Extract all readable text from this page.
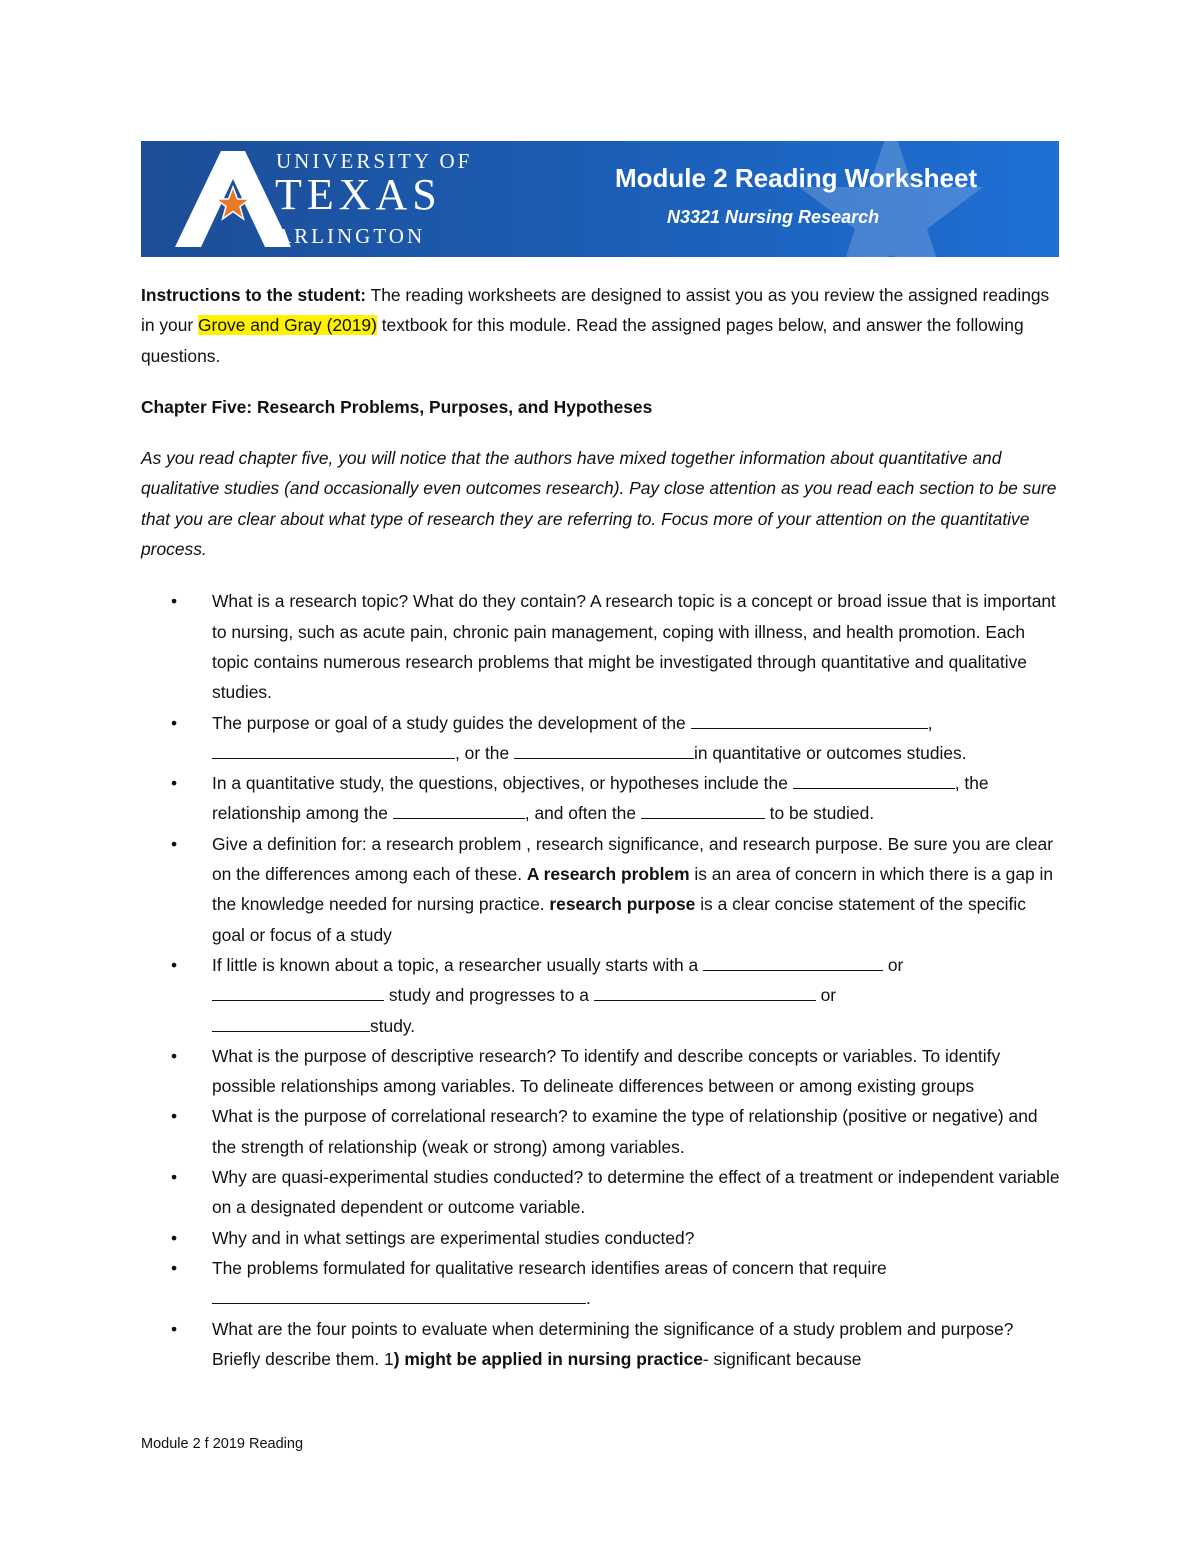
UNIVERSITY OF
TEXAS
ARLINGTON
Module 2 Reading Worksheet
N3321 Nursing Research

Instructions to the student: The reading worksheets are designed to assist you as you review the assigned readings in your Grove and Gray (2019) textbook for this module. Read the assigned pages below, and answer the following questions.

Chapter Five: Research Problems, Purposes, and Hypotheses

As you read chapter five, you will notice that the authors have mixed together information about quantitative and qualitative studies (and occasionally even outcomes research). Pay close attention as you read each section to be sure that you are clear about what type of research they are referring to. Focus more of your attention on the quantitative process.

• What is a research topic? What do they contain? A research topic is a concept or broad issue that is important to nursing, such as acute pain, chronic pain management, coping with illness, and health promotion. Each topic contains numerous research problems that might be investigated through quantitative and qualitative studies.
• The purpose or goal of a study guides the development of the	, , or the	in quantitative or outcomes studies.
• In a quantitative study, the questions, objectives, or hypotheses include the	, the relationship among the	, and often the	to be studied.
• Give a definition for: a research problem , research significance, and research purpose. Be sure you are clear on the differences among each of these. A research problem is an area of concern in which there is a gap in the knowledge needed for nursing practice. research purpose is a clear concise statement of the specific goal or focus of a study
• If little is known about a topic, a researcher usually starts with a	or
study and progresses to a	or
study.
• What is the purpose of descriptive research? To identify and describe concepts or variables. To identify possible relationships among variables. To delineate differences between or among existing groups
• What is the purpose of correlational research? to examine the type of relationship (positive or negative) and the strength of relationship (weak or strong) among variables.
• Why are quasi-experimental studies conducted? to determine the effect of a treatment or independent variable on a designated dependent or outcome variable.
• Why and in what settings are experimental studies conducted?
• The problems formulated for qualitative research identifies areas of concern that require.
• What are the four points to evaluate when determining the significance of a study problem and purpose? Briefly describe them. 1) might be applied in nursing practice- significant because
Module 2 f 2019 Reading
